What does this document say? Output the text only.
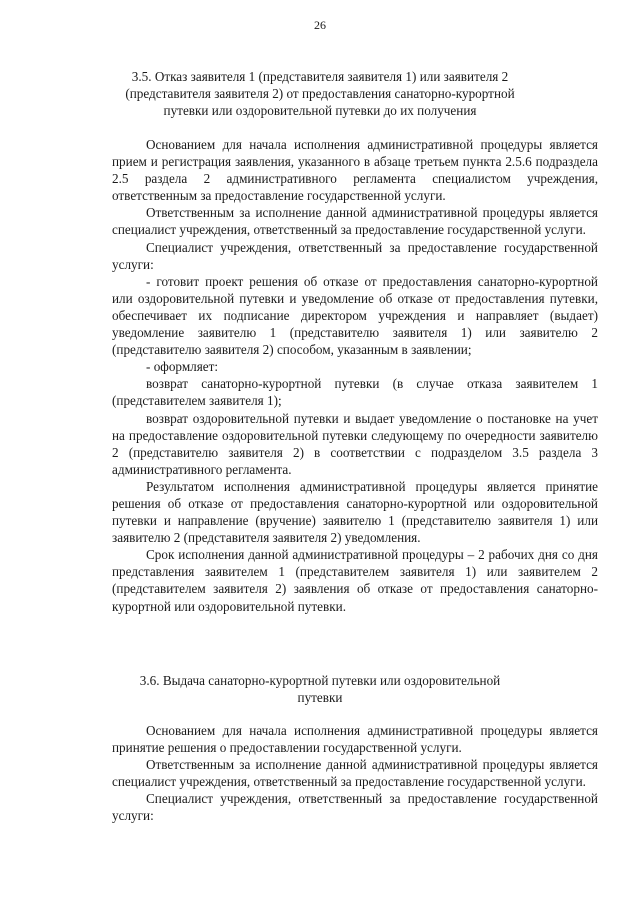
26
3.5. Отказ заявителя 1 (представителя заявителя 1) или заявителя 2
(представителя заявителя 2) от предоставления санаторно-курортной
путевки или оздоровительной путевки до их получения

Основанием для начала исполнения административной процедуры является прием и регистрация заявления, указанного в абзаце третьем пункта 2.5.6 подраздела 2.5 раздела 2 административного регламента специалистом учреждения, ответственным за предоставление государственной услуги.

Ответственным за исполнение данной административной процедуры является специалист учреждения, ответственный за предоставление государственной услуги.

Специалист учреждения, ответственный за предоставление государственной услуги:

- готовит проект решения об отказе от предоставления санаторно-курортной или оздоровительной путевки и уведомление об отказе от предоставления путевки, обеспечивает их подписание директором учреждения и направляет (выдает) уведомление заявителю 1 (представителю заявителя 1) или заявителю 2 (представителю заявителя 2) способом, указанным в заявлении;

- оформляет:

возврат санаторно-курортной путевки (в случае отказа заявителем 1 (представителем заявителя 1);

возврат оздоровительной путевки и выдает уведомление о постановке на учет на предоставление оздоровительной путевки следующему по очередности заявителю 2 (представителю заявителя 2) в соответствии с подразделом 3.5 раздела 3 административного регламента.

Результатом исполнения административной процедуры является принятие решения об отказе от предоставления санаторно-курортной или оздоровительной путевки и направление (вручение) заявителю 1 (представителю заявителя 1) или заявителю 2 (представителя заявителя 2) уведомления.

Срок исполнения данной административной процедуры – 2 рабочих дня со дня представления заявителем 1 (представителем заявителя 1) или заявителем 2 (представителем заявителя 2) заявления об отказе от предоставления санаторно-курортной или оздоровительной путевки.

3.6. Выдача санаторно-курортной путевки или оздоровительной
путевки

Основанием для начала исполнения административной процедуры является принятие решения о предоставлении государственной услуги.

Ответственным за исполнение данной административной процедуры является специалист учреждения, ответственный за предоставление государственной услуги.

Специалист учреждения, ответственный за предоставление государственной услуги:
